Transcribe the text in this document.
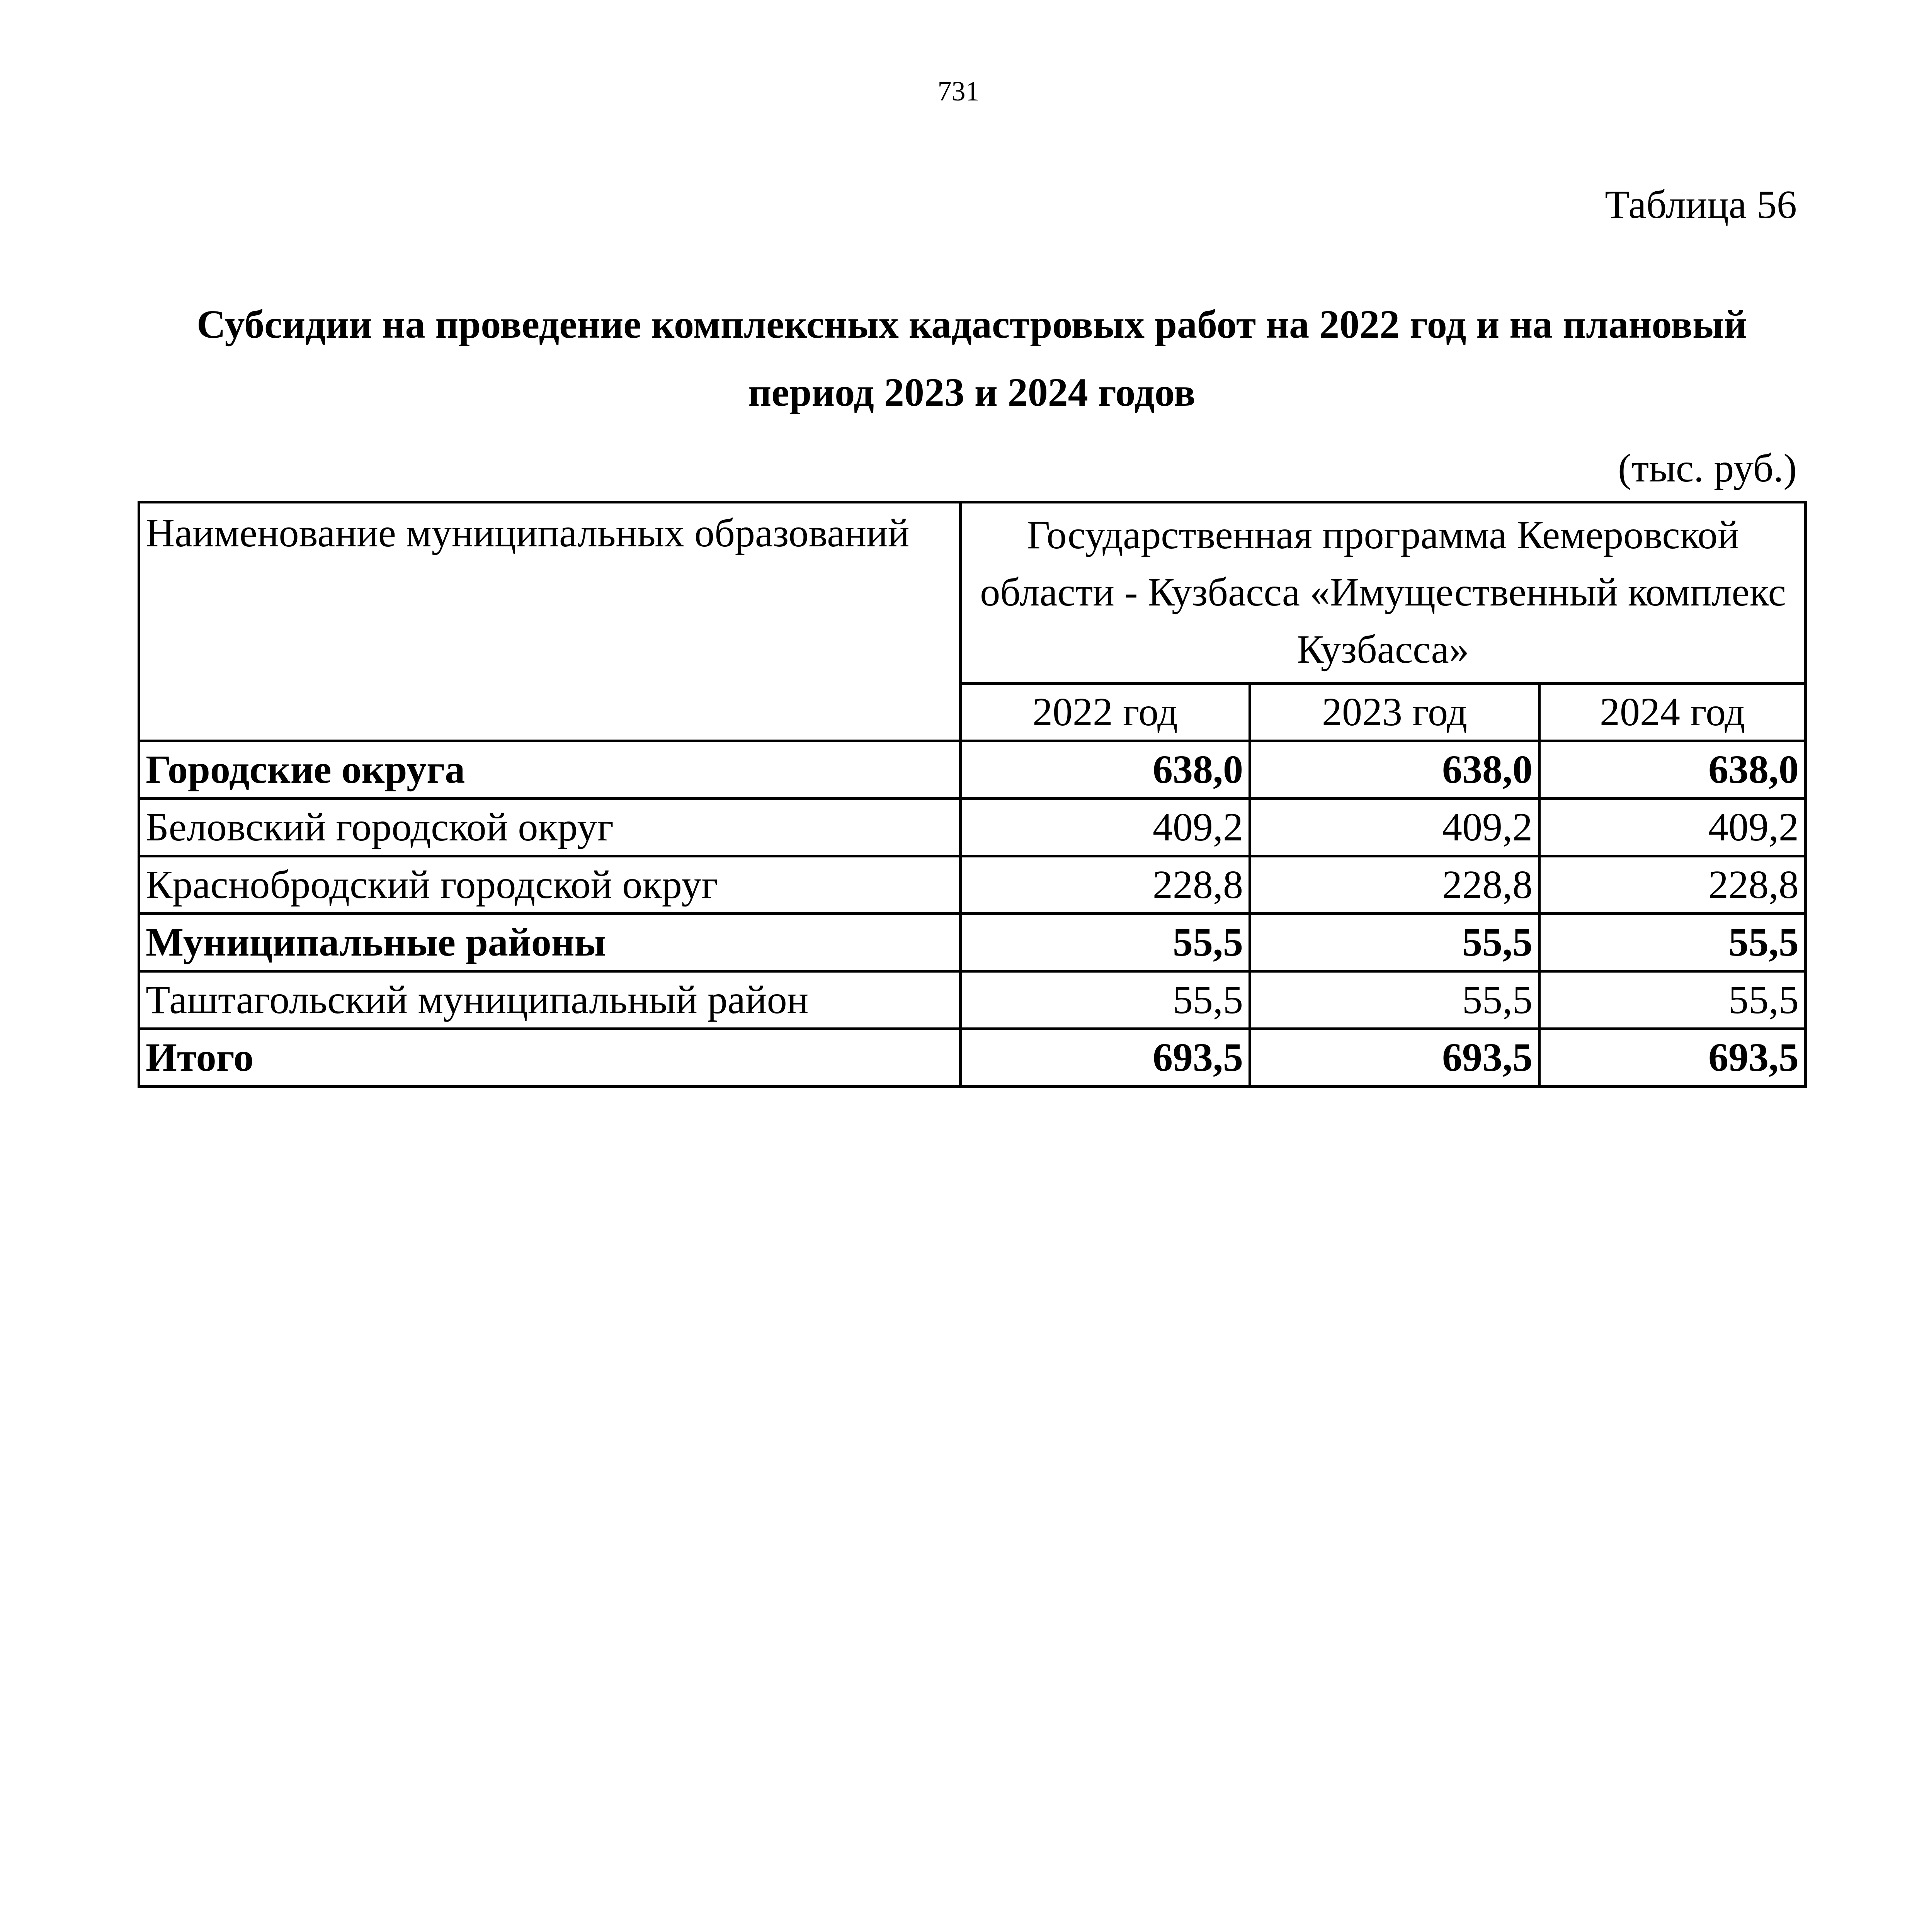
731
Таблица 56
Субсидии на проведение комплексных кадастровых работ на 2022 год и на плановый
период 2023 и 2024 годов
(тыс. руб.)
Наименование муниципальных образований	Государственная программа Кемеровской области - Кузбасса «Имущественный комплекс Кузбасса»		
	2022 год	2023 год	2024 год
Городские округа	638,0	638,0	638,0
Беловский городской округ	409,2	409,2	409,2
Краснобродский городской округ	228,8	228,8	228,8
Муниципальные районы	55,5	55,5	55,5
Таштагольский муниципальный район	55,5	55,5	55,5
Итого	693,5	693,5	693,5
